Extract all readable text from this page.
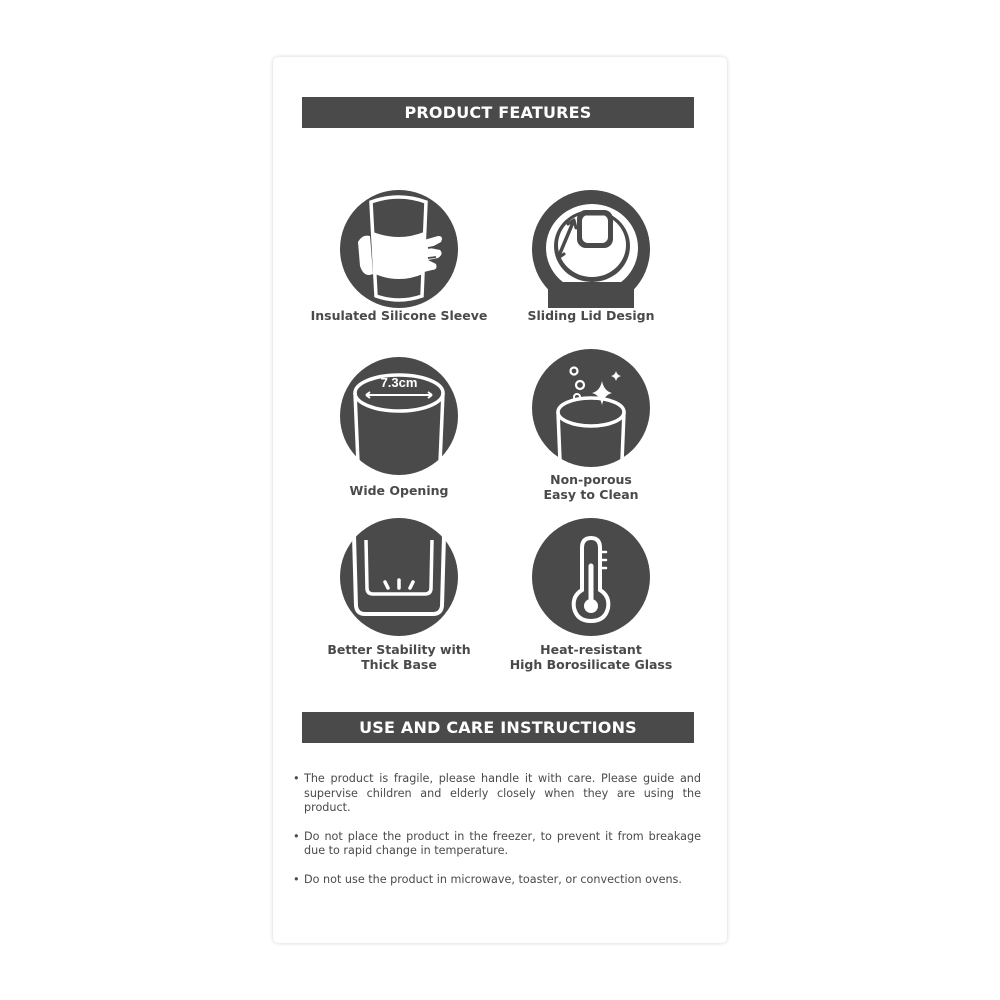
PRODUCT FEATURES
Insulated Silicone Sleeve	Sliding Lid Design
7.3cm
Wide Opening
Non-porous
Easy to Clean
Better Stability with
Thick Base
Heat-resistant
High Borosilicate Glass
USE AND CARE INSTRUCTIONS
• The product is fragile, please handle it with care. Please guide and supervise children and elderly closely when they are using the product.
• Do not place the product in the freezer, to prevent it from breakage due to rapid change in temperature.
• Do not use the product in microwave, toaster, or convection ovens.
